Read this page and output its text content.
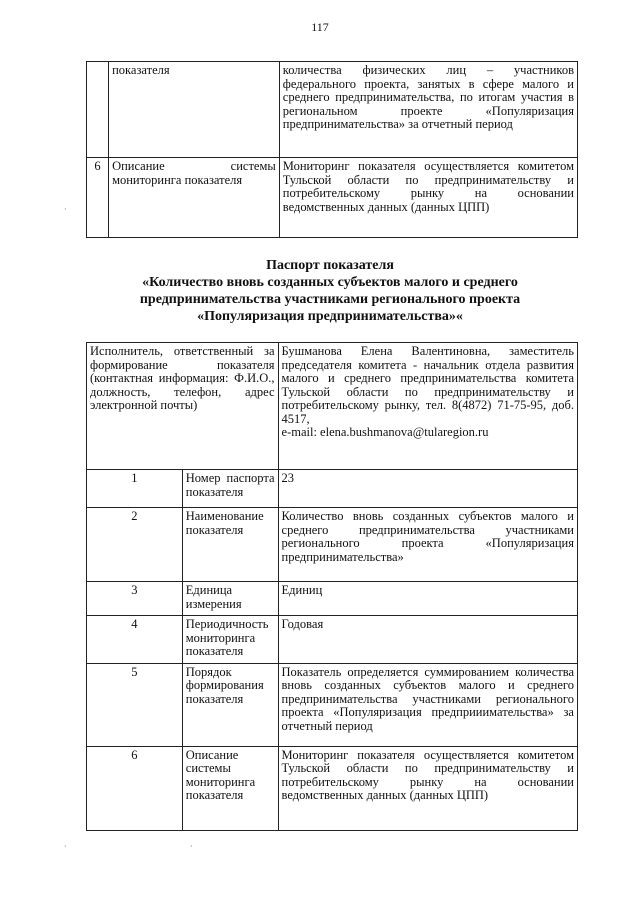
117
	показателя	количества физических лиц – участников федерального проекта, занятых в сфере малого и среднего предпринимательства, по итогам участия в региональном проекте «Популяризация предпринимательства» за отчетный период
6	Описание системы мониторинга показателя	Мониторинг показателя осуществляется комитетом Тульской области по предпринимательству и потребительскому рынку на основании ведомственных данных (данных ЦПП)
Паспорт показателя
«Количество вновь созданных субъектов малого и среднего
предпринимательства участниками регионального проекта
«Популяризация предпринимательства»«
Исполнитель, ответственный за формирование показателя (контактная информация: Ф.И.О., должность, телефон, адрес электронной почты)		Бушманова Елена Валентиновна, заместитель председателя комитета - начальник отдела развития малого и среднего предпринимательства комитета Тульской области по предпринимательству и потребительскому рынку, тел. 8(4872) 71-75-95, доб. 4517,
e-mail: elena.bushmanova@tularegion.ru
1	Номер паспорта показателя	23
2	Наименование показателя	Количество вновь созданных субъектов малого и среднего предпринимательства участниками регионального проекта «Популяризация предпринимательства»
3	Единица измерения	Единиц
4	Периодичность мониторинга показателя	Годовая
5	Порядок формирования показателя	Показатель определяется суммированием количества вновь созданных субъектов малого и среднего предпринимательства участниками регионального проекта «Популяризация предприиимательства» за отчетный период
6	Описание системы мониторинга показателя	Мониторинг показателя осуществляется комитетом Тульской области по предпринимательству и потребительскому рынку на основании ведомственных данных (данных ЦПП)
·
·	·
